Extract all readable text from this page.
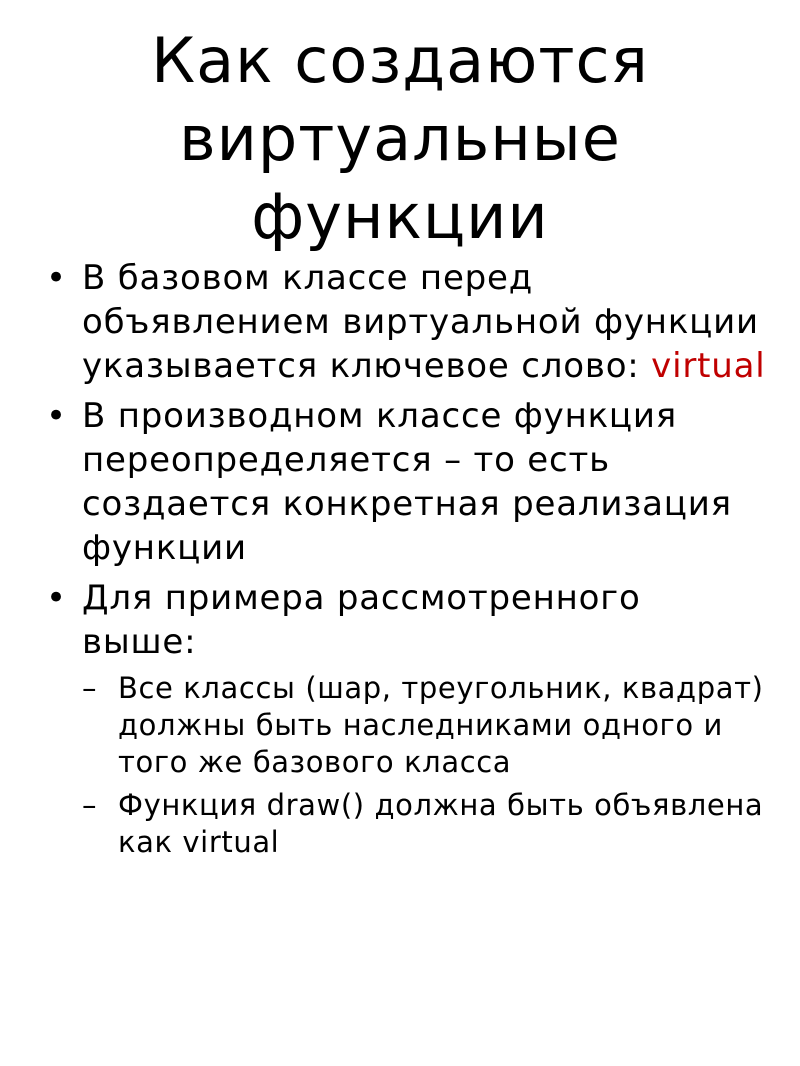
Как создаются
виртуальные
функции
• В базовом классе перед объявлением виртуальной функции указывается ключевое слово: virtual
• В производном классе функция переопределяется – то есть создается конкретная реализация функции
• Для примера рассмотренного выше:
– Все классы (шар, треугольник, квадрат) должны быть наследниками одного и того же базового класса
– Функция draw() должна быть объявлена как virtual
